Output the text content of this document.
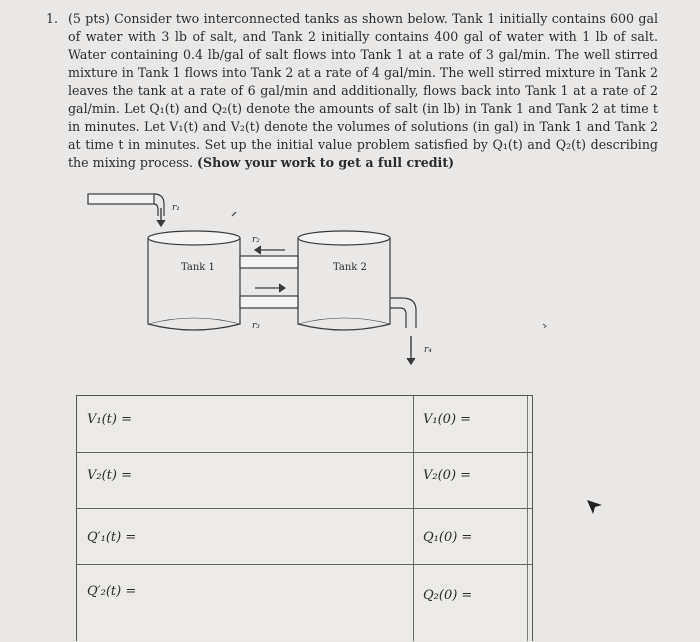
1. (5 pts) Consider two interconnected tanks as shown below. Tank 1 initially contains 600 gal of water with 3 lb of salt, and Tank 2 initially contains 400 gal of water with 1 lb of salt. Water containing 0.4 lb/gal of salt flows into Tank 1 at a rate of 3 gal/min. The well stirred mixture in Tank 1 flows into Tank 2 at a rate of 4 gal/min. The well stirred mixture in Tank 2 leaves the tank at a rate of 6 gal/min and additionally, flows back into Tank 1 at a rate of 2 gal/min. Let Q₁(t) and Q₂(t) denote the amounts of salt (in lb) in Tank 1 and Tank 2 at time t in minutes. Let V₁(t) and V₂(t) denote the volumes of solutions (in gal) in Tank 1 and Tank 2 at time t in minutes. Set up the initial value problem satisfied by Q₁(t) and Q₂(t) describing the mixing process. (Show your work to get a full credit)
Tank 1	Tank 2
r₁
r₂
r₃
r₄
V₁(t) =	V₁(0) =
V₂(t) =	V₂(0) =
Q′₁(t) =	Q₁(0) =
Q′₂(t) =	Q₂(0) =
